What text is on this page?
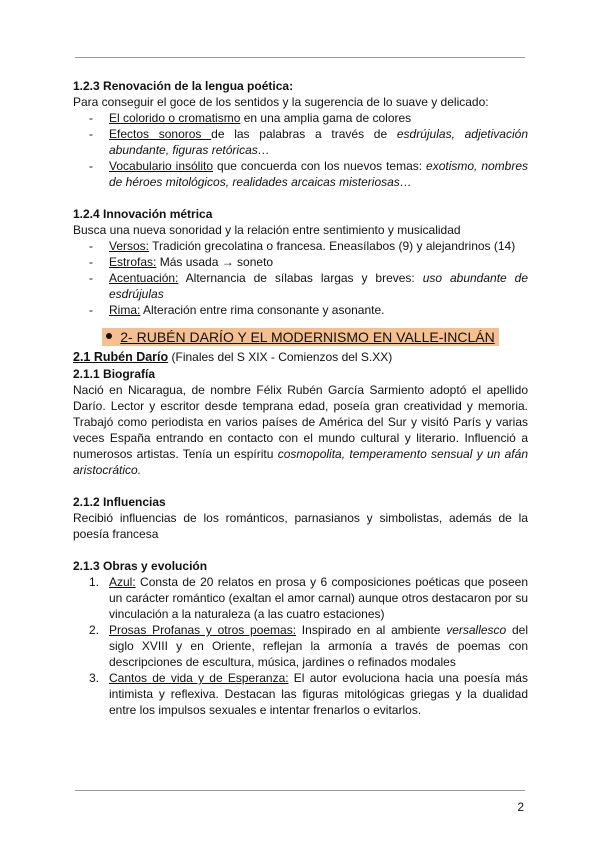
1.2.3 Renovación de la lengua poética:

Para conseguir el goce de los sentidos y la sugerencia de lo suave y delicado:

- El colorido o cromatismo en una amplia gama de colores
- Efectos sonoros de las palabras a través de esdrújulas, adjetivación abundante, figuras retóricas…
- Vocabulario insólito que concuerda con los nuevos temas: exotismo, nombres de héroes mitológicos, realidades arcaicas misteriosas…
1.2.4 Innovación métrica

Busca una nueva sonoridad y la relación entre sentimiento y musicalidad

- Versos: Tradición grecolatina o francesa. Eneasílabos (9) y alejandrinos (14)
- Estrofas: Más usada → soneto
- Acentuación: Alternancia de sílabas largas y breves: uso abundante de esdrújulas
- Rima: Alteración entre rima consonante y asonante.
2- RUBÉN DARÍO Y EL MODERNISMO EN VALLE-INCLÁN

2.1 Rubén Darío (Finales del S XIX - Comienzos del S.XX)

2.1.1 Biografía

Nació en Nicaragua, de nombre Félix Rubén García Sarmiento adoptó el apellido Darío. Lector y escritor desde temprana edad, poseía gran creatividad y memoria. Trabajó como periodista en varios países de América del Sur y visitó París y varias veces España entrando en contacto con el mundo cultural y literario. Influenció a numerosos artistas. Tenía un espíritu cosmopolita, temperamento sensual y un afán aristocrático.

2.1.2 Influencias

Recibió influencias de los románticos, parnasianos y simbolistas, además de la poesía francesa

2.1.3 Obras y evolución
1. Azul: Consta de 20 relatos en prosa y 6 composiciones poéticas que poseen un carácter romántico (exaltan el amor carnal) aunque otros destacaron por su vinculación a la naturaleza (a las cuatro estaciones)
2. Prosas Profanas y otros poemas: Inspirado en al ambiente versallesco del siglo XVIII y en Oriente, reflejan la armonía a través de poemas con descripciones de escultura, música, jardines o refinados modales
3. Cantos de vida y de Esperanza: El autor evoluciona hacia una poesía más intimista y reflexiva. Destacan las figuras mitológicas griegas y la dualidad entre los impulsos sexuales e intentar frenarlos o evitarlos.
2
